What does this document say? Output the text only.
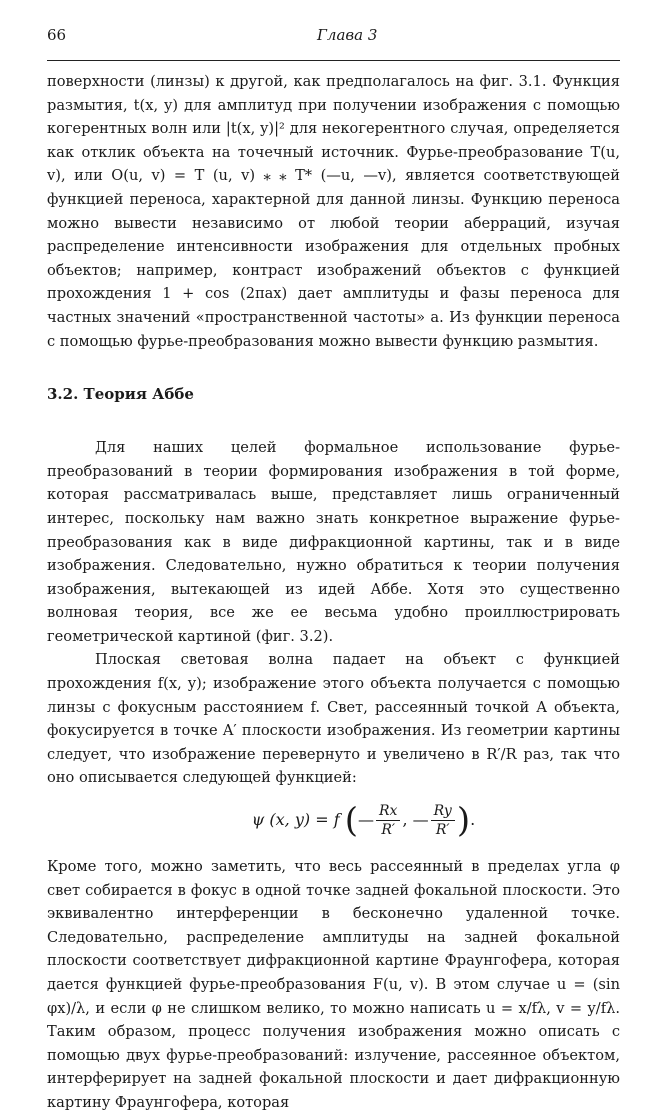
66	Глава 3

поверхности (линзы) к другой, как предполагалось на фиг. 3.1. Функция размытия, t(x, y) для амплитуд при получении изображения с помощью когерентных волн или |t(x, y)|² для некогерентного случая, определяется как отклик объекта на точечный источник. Фурье-преобразование T(u, v), или O(u, v) = T (u, v) ⁎ ⁎ T* (—u, —v), является соответствующей функцией переноса, характерной для данной линзы. Функцию переноса можно вывести независимо от любой теории аберраций, изучая распределение интенсивности изображения для отдельных пробных объектов; например, контраст изображений объектов с функцией прохождения 1 + cos (2πax) дает амплитуды и фазы переноса для частных значений «пространственной частоты» a. Из функции переноса с помощью фурье-преобразования можно вывести функцию размытия.

3.2. Теория Аббе

Для наших целей формальное использование фурье-преобразований в теории формирования изображения в той форме, которая рассматривалась выше, представляет лишь ограниченный интерес, поскольку нам важно знать конкретное выражение фурье-преобразования как в виде дифракционной картины, так и в виде изображения. Следовательно, нужно обратиться к теории получения изображения, вытекающей из идей Аббе. Хотя это существенно волновая теория, все же ее весьма удобно проиллюстрировать геометрической картиной (фиг. 3.2).

Плоская световая волна падает на объект с функцией прохождения f(x, y); изображение этого объекта получается с помощью линзы с фокусным расстоянием f. Свет, рассеянный точкой A объекта, фокусируется в точке A′ плоскости изображения. Из геометрии картины следует, что изображение перевернуто и увеличено в R′/R раз, так что оно описывается следующей функцией:

ψ (x, y) = f (— $\frac{Rx}{R'}$ , — $\frac{Ry}{R'}$ ).

Кроме того, можно заметить, что весь рассеянный в пределах угла φ свет собирается в фокус в одной точке задней фокальной плоскости. Это эквивалентно интерференции в бесконечно удаленной точке. Следовательно, распределение амплитуды на задней фокальной плоскости соответствует дифракционной картине Фраунгофера, которая дается функцией фурье-преобразования F(u, v). В этом случае u = (sin φx)/λ, и если φ не слишком велико, то можно написать u = x/fλ, v = y/fλ. Таким образом, процесс получения изображения можно описать с помощью двух фурье-преобразований: излучение, рассеянное объектом, интерферирует на задней фокальной плоскости и дает дифракционную картину Фраунгофера, которая
